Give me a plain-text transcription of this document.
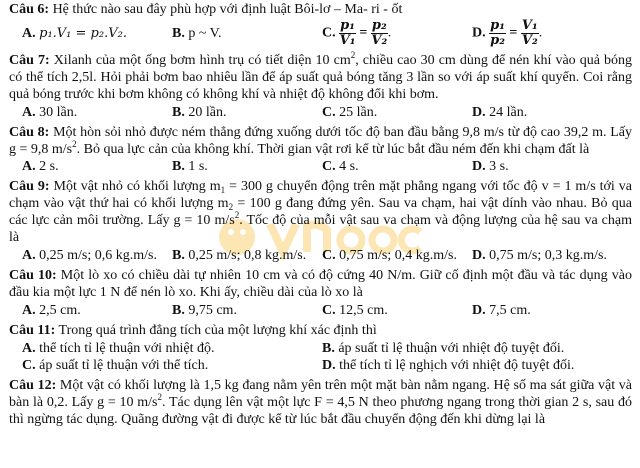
Câu 6: Hệ thức nào sau đây phù hợp với định luật Bôi-lơ – Ma- ri - ốt
A. p₁.V₁ = p₂.V₂.	B. p ~ V.	C. $\frac{\text{p₁}}{\text{V₁}} = \frac{\text{p₂}}{\text{V₂}}$ .	D. $\frac{\text{p₁}}{\text{p₂}} = \frac{\text{V₁}}{\text{V₂}}$ .
Câu 7: Xilanh của một ống bơm hình trụ có tiết diện 10 $cm^2$, chiều cao 30 cm dùng để nén khí vào quả bóng có thể tích 2,5l. Hỏi phải bơm bao nhiêu lần để áp suất quả bóng tăng 3 lần so với áp suất khí quyển. Coi rằng quả bóng trước khi bơm không có không khí và nhiệt độ không đổi khi bơm.
A. 30 lần.	B. 20 lần.	C. 25 lần.	D. 24 lần.
Câu 8: Một hòn sỏi nhỏ được ném thẳng đứng xuống dưới tốc độ ban đầu bằng 9,8 m/s từ độ cao 39,2 m. Lấy g = 9,8 $m/s^2$. Bỏ qua lực cản của không khí. Thời gian vật rơi kể từ lúc bắt đầu ném đến khi chạm đất là
A. 2 s.	B. 1 s.	C. 4 s.	D. 3 s.
Câu 9: Một vật nhỏ có khối lượng $m_1 = 300$ g chuyển động trên mặt phẳng ngang với tốc độ v = 1 m/s tới va chạm vào vật thứ hai có khối lượng $m_2 = 100$ g đang đứng yên. Sau va chạm, hai vật dính vào nhau. Bỏ qua các lực cản môi trường. Lấy g = 10 $m/s^2$. Tốc độ của mỗi vật sau va chạm và động lượng của hệ sau va chạm là
A. 0,25 m/s; 0,6 kg.m/s.	B. 0,25 m/s; 0,8 kg.m/s.	C. 0,75 m/s; 0,4 kg.m/s.	D. 0,75 m/s; 0,3 kg.m/s.
Câu 10: Một lò xo có chiều dài tự nhiên 10 cm và có độ cứng 40 N/m. Giữ cố định một đầu và tác dụng vào đầu kia một lực 1 N để nén lò xo. Khi ấy, chiều dài của lò xo là
A. 2,5 cm.	B. 9,75 cm.	C. 12,5 cm.	D. 7,5 cm.
Câu 11: Trong quá trình đẳng tích của một lượng khí xác định thì
A. thể tích tỉ lệ thuận với nhiệt độ.	B. áp suất tỉ lệ thuận với nhiệt độ tuyệt đối.
C. áp suất tỉ lệ thuận với thể tích.	D. thể tích tỉ lệ nghịch với nhiệt độ tuyệt đối.
Câu 12: Một vật có khối lượng là 1,5 kg đang nằm yên trên một mặt bàn nằm ngang. Hệ số ma sát giữa vật và bàn là 0,2. Lấy g = 10 $m/s^2$. Tác dụng lên vật một lực F = 4,5 N theo phương ngang trong thời gian 2 s, sau đó thì ngừng tác dụng. Quãng đường vật đi được kể từ lúc bắt đầu chuyển động đến khi dừng lại là
